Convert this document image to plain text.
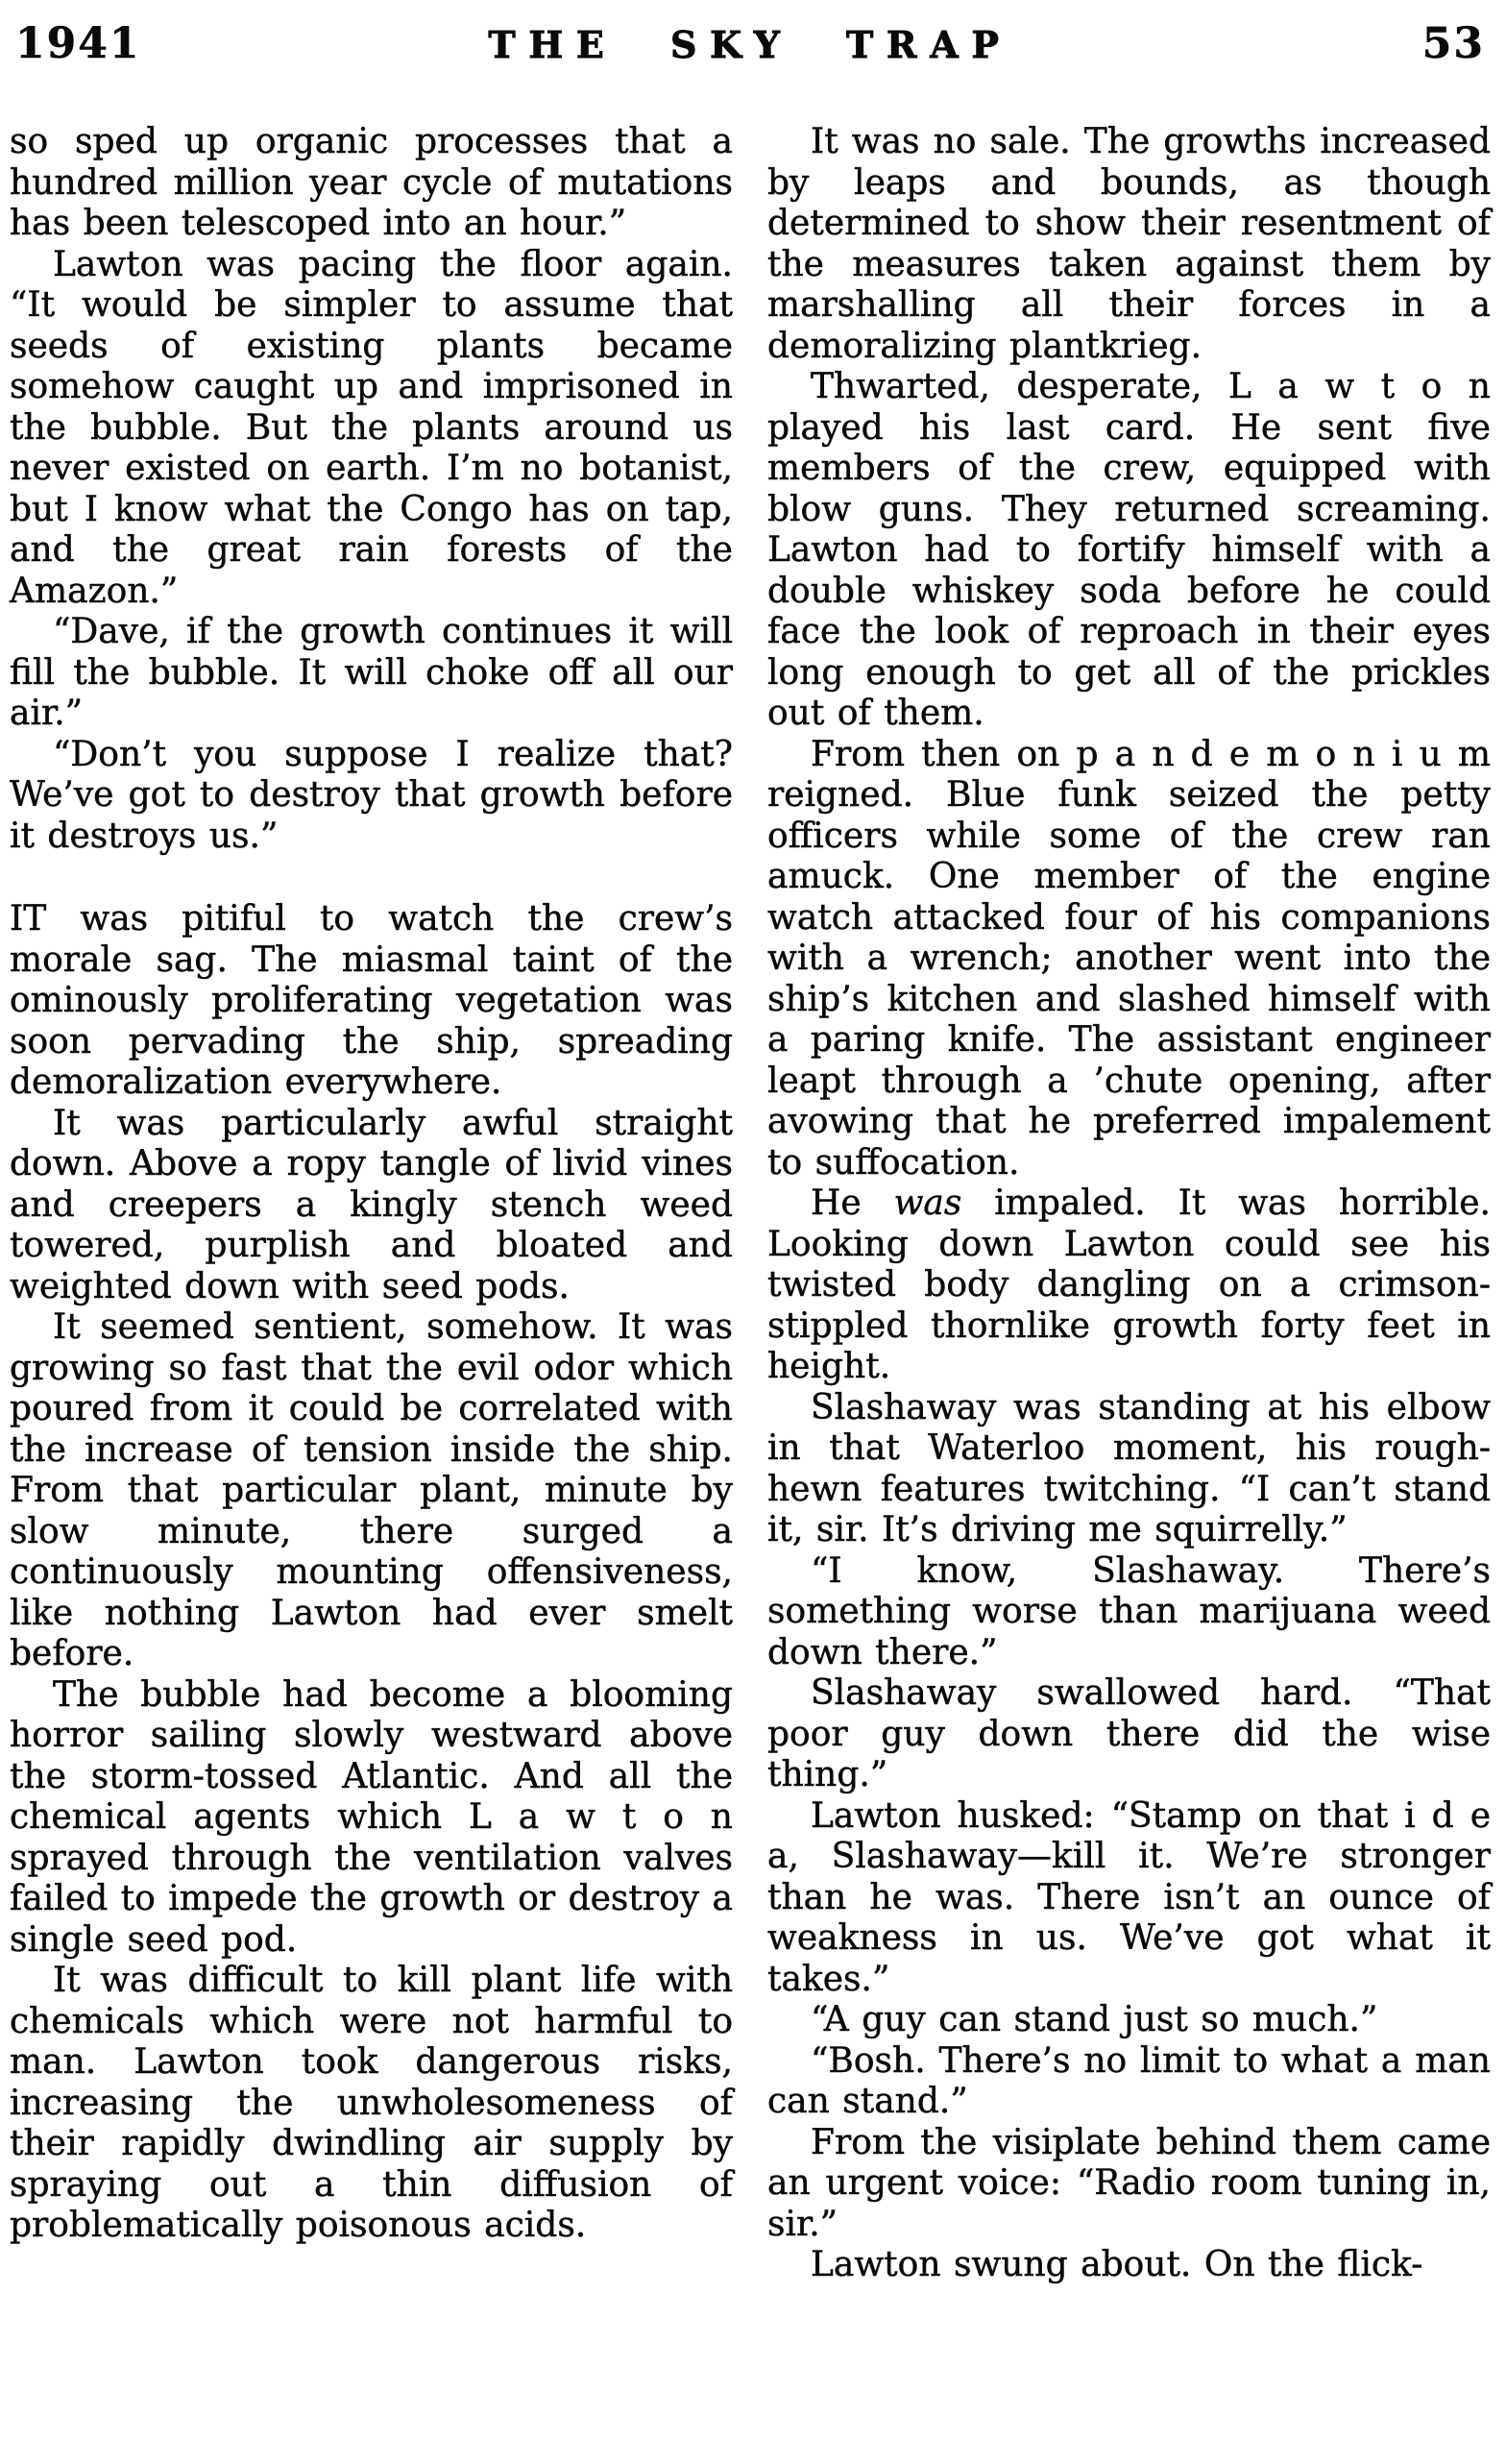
1941	THE SKY TRAP	53

so sped up organic processes that a hundred million year cycle of mutations has been telescoped into an hour.”

Lawton was pacing the floor again. “It would be simpler to assume that seeds of existing plants became somehow caught up and imprisoned in the bubble. But the plants around us never existed on earth. I’m no botanist, but I know what the Congo has on tap, and the great rain forests of the Amazon.”

“Dave, if the growth continues it will fill the bubble. It will choke off all our air.”

“Don’t you suppose I realize that? We’ve got to destroy that growth before it destroys us.”

IT was pitiful to watch the crew’s morale sag. The miasmal taint of the ominously proliferating vegetation was soon pervading the ship, spreading demoralization everywhere.

It was particularly awful straight down. Above a ropy tangle of livid vines and creepers a kingly stench weed towered, purplish and bloated and weighted down with seed pods.

It seemed sentient, somehow. It was growing so fast that the evil odor which poured from it could be correlated with the increase of tension inside the ship. From that particular plant, minute by slow minute, there surged a continuously mounting offensiveness, like nothing Lawton had ever smelt before.

The bubble had become a blooming horror sailing slowly westward above the storm-tossed Atlantic. And all the chemical agents which L a w t o n sprayed through the ventilation valves failed to impede the growth or destroy a single seed pod.

It was difficult to kill plant life with chemicals which were not harmful to man. Lawton took dangerous risks, increasing the unwholesomeness of their rapidly dwindling air supply by spraying out a thin diffusion of problematically poisonous acids.

It was no sale. The growths increased by leaps and bounds, as though determined to show their resentment of the measures taken against them by marshalling all their forces in a demoralizing plantkrieg.

Thwarted, desperate, L a w t o n played his last card. He sent five members of the crew, equipped with blow guns. They returned screaming. Lawton had to fortify himself with a double whiskey soda before he could face the look of reproach in their eyes long enough to get all of the prickles out of them.

From then on p a n d e m o n i u m reigned. Blue funk seized the petty officers while some of the crew ran amuck. One member of the engine watch attacked four of his companions with a wrench; another went into the ship’s kitchen and slashed himself with a paring knife. The assistant engineer leapt through a ’chute opening, after avowing that he preferred impalement to suffocation.

He was impaled. It was horrible. Looking down Lawton could see his twisted body dangling on a crimson-stippled thornlike growth forty feet in height.

Slashaway was standing at his elbow in that Waterloo moment, his rough-hewn features twitching. “I can’t stand it, sir. It’s driving me squirrelly.”

“I know, Slashaway. There’s something worse than marijuana weed down there.”

Slashaway swallowed hard. “That poor guy down there did the wise thing.”

Lawton husked: “Stamp on that i d e a, Slashaway—kill it. We’re stronger than he was. There isn’t an ounce of weakness in us. We’ve got what it takes.”

“A guy can stand just so much.”

“Bosh. There’s no limit to what a man can stand.”

From the visiplate behind them came an urgent voice: “Radio room tuning in, sir.”

Lawton swung about. On the flick-
